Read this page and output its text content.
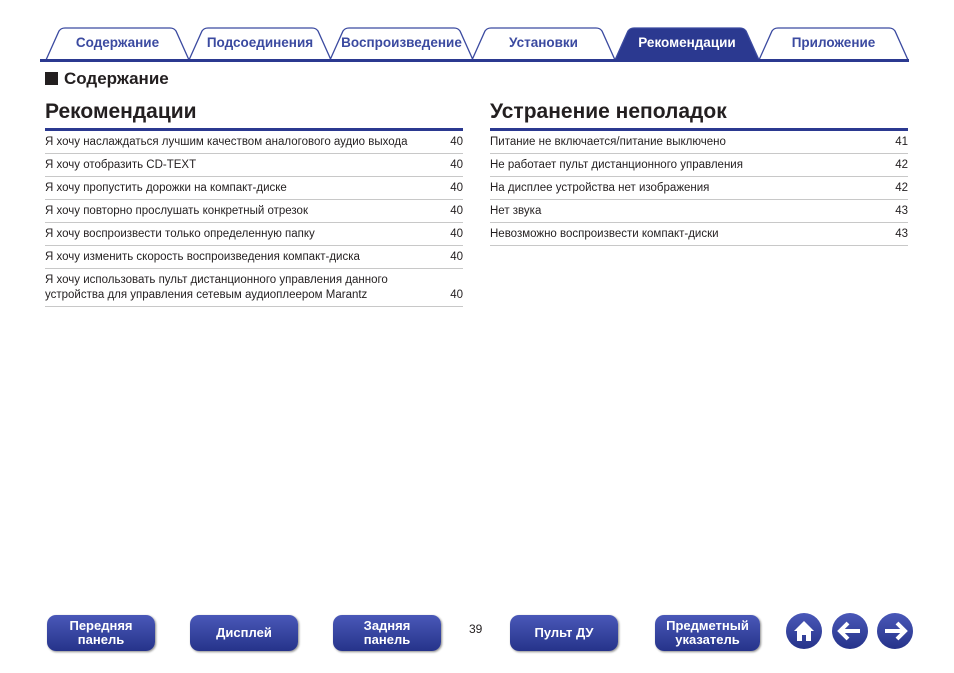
Содержание	Подсоединения	Воспроизведение	Установки	Рекомендации	Приложение
Содержание
Рекомендации
Я хочу наслаждаться лучшим качеством аналогового аудио выхода	40
Я хочу отобразить CD-TEXT	40
Я хочу пропустить дорожки на компакт-диске	40
Я хочу повторно прослушать конкретный отрезок	40
Я хочу воспроизвести только определенную папку	40
Я хочу изменить скорость воспроизведения компакт-диска	40
Я хочу использовать пульт дистанционного управления данного устройства для управления сетевым аудиоплеером Marantz	40
Устранение неполадок
Питание не включается/питание выключено	41
Не работает пульт дистанционного управления	42
На дисплее устройства нет изображения	42
Нет звука	43
Невозможно воспроизвести компакт-диски	43
Передняя
панель	Дисплей	Задняя
панель
39	Пульт ДУ	Предметный
указатель
